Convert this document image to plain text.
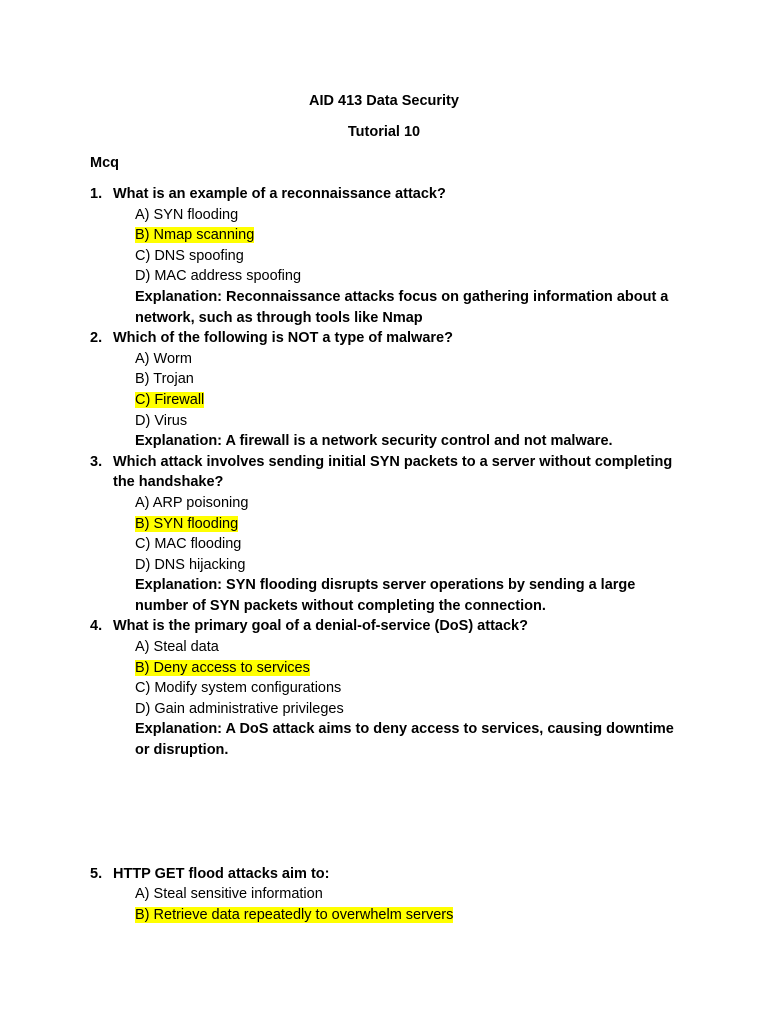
AID 413 Data Security
Tutorial 10
Mcq
1. What is an example of a reconnaissance attack?
A) SYN flooding
B) Nmap scanning
C) DNS spoofing
D) MAC address spoofing
Explanation: Reconnaissance attacks focus on gathering information about a network, such as through tools like Nmap
2. Which of the following is NOT a type of malware?
A) Worm
B) Trojan
C) Firewall
D) Virus
Explanation: A firewall is a network security control and not malware.
3. Which attack involves sending initial SYN packets to a server without completing the handshake?
A) ARP poisoning
B) SYN flooding
C) MAC flooding
D) DNS hijacking
Explanation: SYN flooding disrupts server operations by sending a large number of SYN packets without completing the connection.
4. What is the primary goal of a denial-of-service (DoS) attack?
A) Steal data
B) Deny access to services
C) Modify system configurations
D) Gain administrative privileges
Explanation: A DoS attack aims to deny access to services, causing downtime or disruption.
5. HTTP GET flood attacks aim to:
A) Steal sensitive information
B) Retrieve data repeatedly to overwhelm servers
